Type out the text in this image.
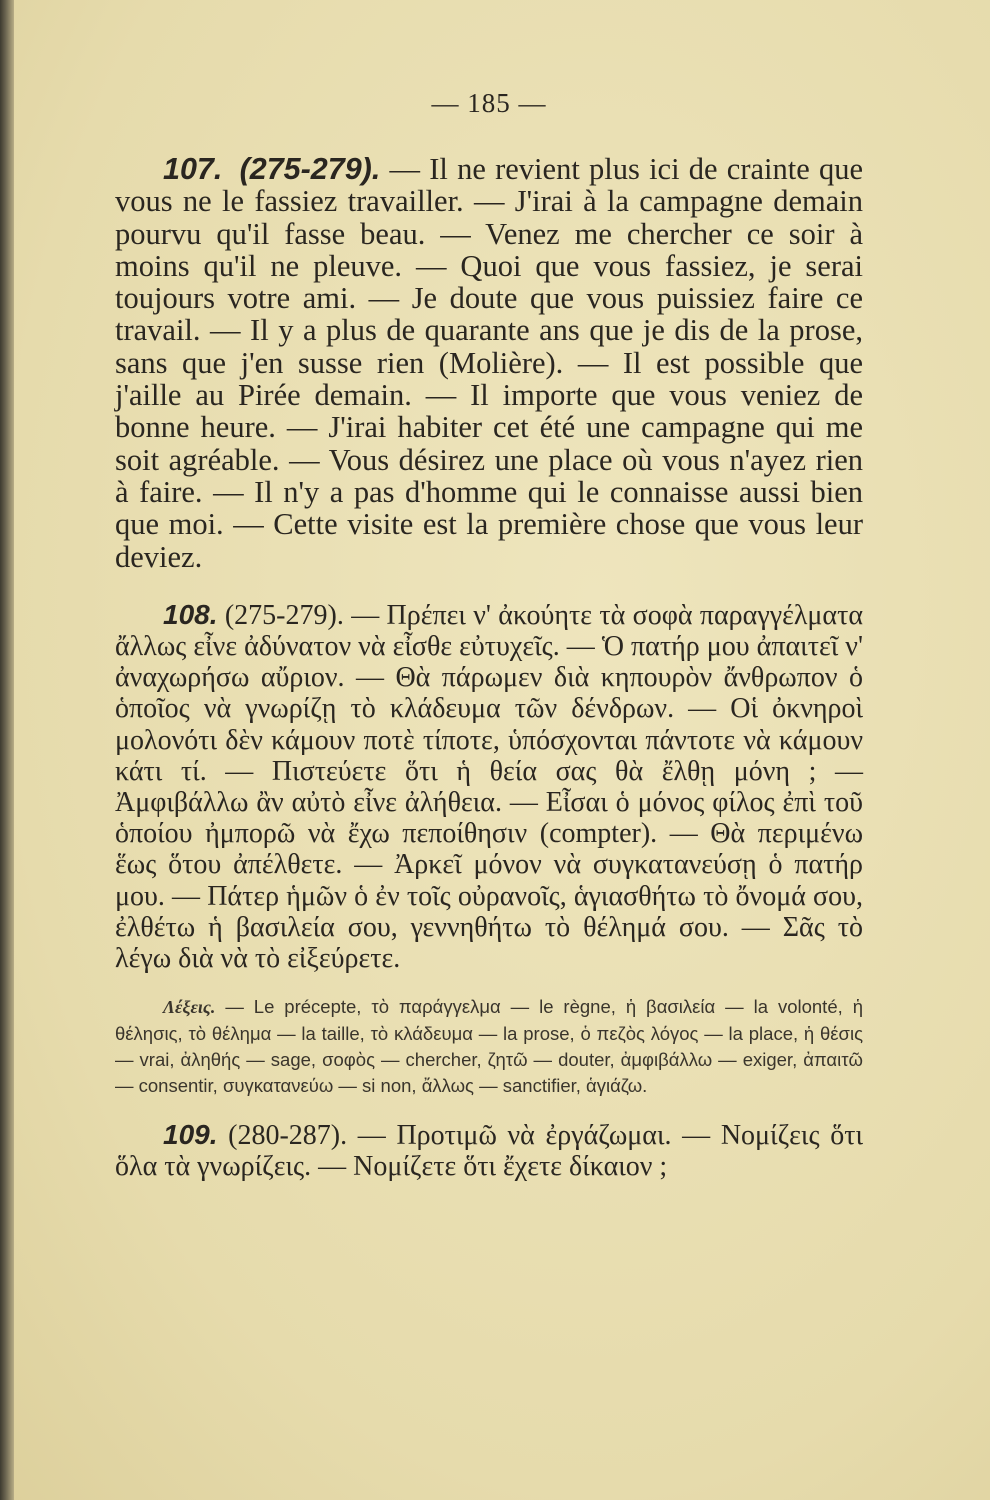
— 185 —

107. (275-279). — Il ne revient plus ici de crainte que vous ne le fassiez travailler. — J'irai à la campagne demain pourvu qu'il fasse beau. — Venez me chercher ce soir à moins qu'il ne pleuve. — Quoi que vous fassiez, je serai toujours votre ami. — Je doute que vous puissiez faire ce travail. — Il y a plus de quarante ans que je dis de la prose, sans que j'en susse rien (Molière). — Il est possible que j'aille au Pirée demain. — Il importe que vous veniez de bonne heure. — J'irai habiter cet été une campagne qui me soit agréable. — Vous désirez une place où vous n'ayez rien à faire. — Il n'y a pas d'homme qui le connaisse aussi bien que moi. — Cette visite est la première chose que vous leur deviez.

108. (275-279). — Πρέπει ν' ἀκούητε τὰ σοφὰ παραγγέλματα ἄλλως εἶνε ἀδύνατον νὰ εἶσθε εὐτυχεῖς. — Ὁ πατήρ μου ἀπαιτεῖ ν' ἀναχωρήσω αὔριον. — Θὰ πάρωμεν διὰ κηπουρὸν ἄνθρωπον ὁ ὁποῖος νὰ γνωρίζῃ τὸ κλάδευμα τῶν δένδρων. — Οἱ ὀκνηροὶ μολονότι δὲν κάμουν ποτὲ τίποτε, ὑπόσχονται πάντοτε νὰ κάμουν κάτι τί. — Πιστεύετε ὅτι ἡ θεία σας θὰ ἔλθῃ μόνη ; — Ἀμφιβάλλω ἂν αὐτὸ εἶνε ἀλήθεια. — Εἶσαι ὁ μόνος φίλος ἐπὶ τοῦ ὁποίου ἠμπορῶ νὰ ἔχω πεποίθησιν (compter). — Θὰ περιμένω ἕως ὅτου ἀπέλθετε. — Ἀρκεῖ μόνον νὰ συγκατανεύσῃ ὁ πατήρ μου. — Πάτερ ἡμῶν ὁ ἐν τοῖς οὐρανοῖς, ἁγιασθήτω τὸ ὄνομά σου, ἐλθέτω ἡ βασιλεία σου, γεννηθήτω τὸ θέλημά σου. — Σᾶς τὸ λέγω διὰ νὰ τὸ εἰξεύρετε.

Λέξεις. — Le précepte, τὸ παράγγελμα — le règne, ἡ βασιλεία — la volonté, ἡ θέλησις, τὸ θέλημα — la taille, τὸ κλάδευμα — la prose, ὁ πεζὸς λόγος — la place, ἡ θέσις — vrai, ἀληθής — sage, σοφὸς — chercher, ζητῶ — douter, ἀμφιβάλλω — exiger, ἀπαιτῶ — consentir, συγκατανεύω — si non, ἄλλως — sanctifier, ἁγιάζω.

109. (280-287). — Προτιμῶ νὰ ἐργάζωμαι. — Νομίζεις ὅτι ὅλα τὰ γνωρίζεις. — Νομίζετε ὅτι ἔχετε δίκαιον ;
